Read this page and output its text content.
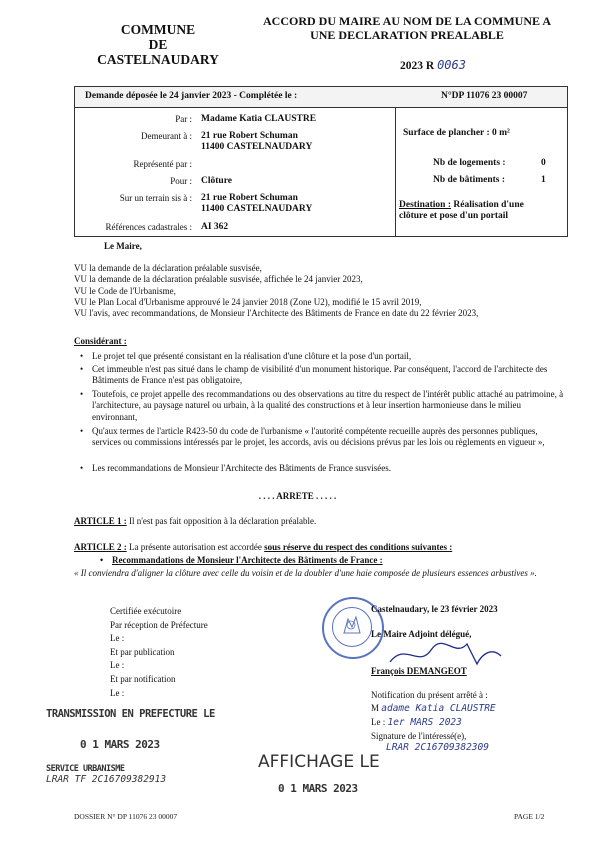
COMMUNE
DE
CASTELNAUDARY
ACCORD DU MAIRE AU NOM DE LA COMMUNE A
UNE DECLARATION PREALABLE
2023 R 0063
Demande déposée le 24 janvier 2023 - Complétée le :	N°DP 11076 23 00007
Par : Madame Katia CLAUSTRE
Demeurant à : 21 rue Robert Schuman
11400 CASTELNAUDARY
Représenté par :
Pour : Clôture
Sur un terrain sis à : 21 rue Robert Schuman
11400 CASTELNAUDARY
Références cadastrales : AI 362
Surface de plancher : 0 m²
Nb de logements :	0
Nb de bâtiments :	1
Destination : Réalisation d'une
clôture et pose d'un portail
Le Maire,
VU la demande de la déclaration préalable susvisée,
VU la demande de la déclaration préalable susvisée, affichée le 24 janvier 2023,
VU le Code de l'Urbanisme,
VU le Plan Local d'Urbanisme approuvé le 24 janvier 2018 (Zone U2), modifié le 15 avril 2019,
VU l'avis, avec recommandations, de Monsieur l'Architecte des Bâtiments de France en date du 22 février 2023,
Considérant :
• Le projet tel que présenté consistant en la réalisation d'une clôture et la pose d'un portail,
• Cet immeuble n'est pas situé dans le champ de visibilité d'un monument historique. Par conséquent, l'accord de l'architecte des Bâtiments de France n'est pas obligatoire,
• Toutefois, ce projet appelle des recommandations ou des observations au titre du respect de l'intérêt public attaché au patrimoine, à l'architecture, au paysage naturel ou urbain, à la qualité des constructions et à leur insertion harmonieuse dans le milieu environnant,
• Qu'aux termes de l'article R423-50 du code de l'urbanisme « l'autorité compétente recueille auprès des personnes publiques, services ou commissions intéressés par le projet, les accords, avis ou décisions prévus par les lois ou règlements en vigueur »,
• Les recommandations de Monsieur l'Architecte des Bâtiments de France susvisées.
. . . . ARRETE . . . . .
ARTICLE 1 : Il n'est pas fait opposition à la déclaration préalable.
ARTICLE 2 : La présente autorisation est accordée sous réserve du respect des conditions suivantes :
• Recommandations de Monsieur l'Architecte des Bâtiments de France :
« Il conviendra d'aligner la clôture avec celle du voisin et de la doubler d'une haie composée de plusieurs essences arbustives ».
Certifiée exécutoire
Par réception de Préfecture
Le :
Et par publication
Le :
Et par notification
Le :
Castelnaudary, le 23 février 2023
Le Maire Adjoint délégué,
François DEMANGEOT
Notification du présent arrêté à :
M adame Katia CLAUSTRE
Le : 1er MARS 2023
Signature de l'intéressé(e),
LRAR 2C16709382309
TRANSMISSION EN PREFECTURE LE
0 1 MARS 2023
SERVICE URBANISME
LRAR TF 2C16709382913
AFFICHAGE LE
0 1 MARS 2023
DOSSIER N° DP 11076 23 00007	PAGE 1/2
